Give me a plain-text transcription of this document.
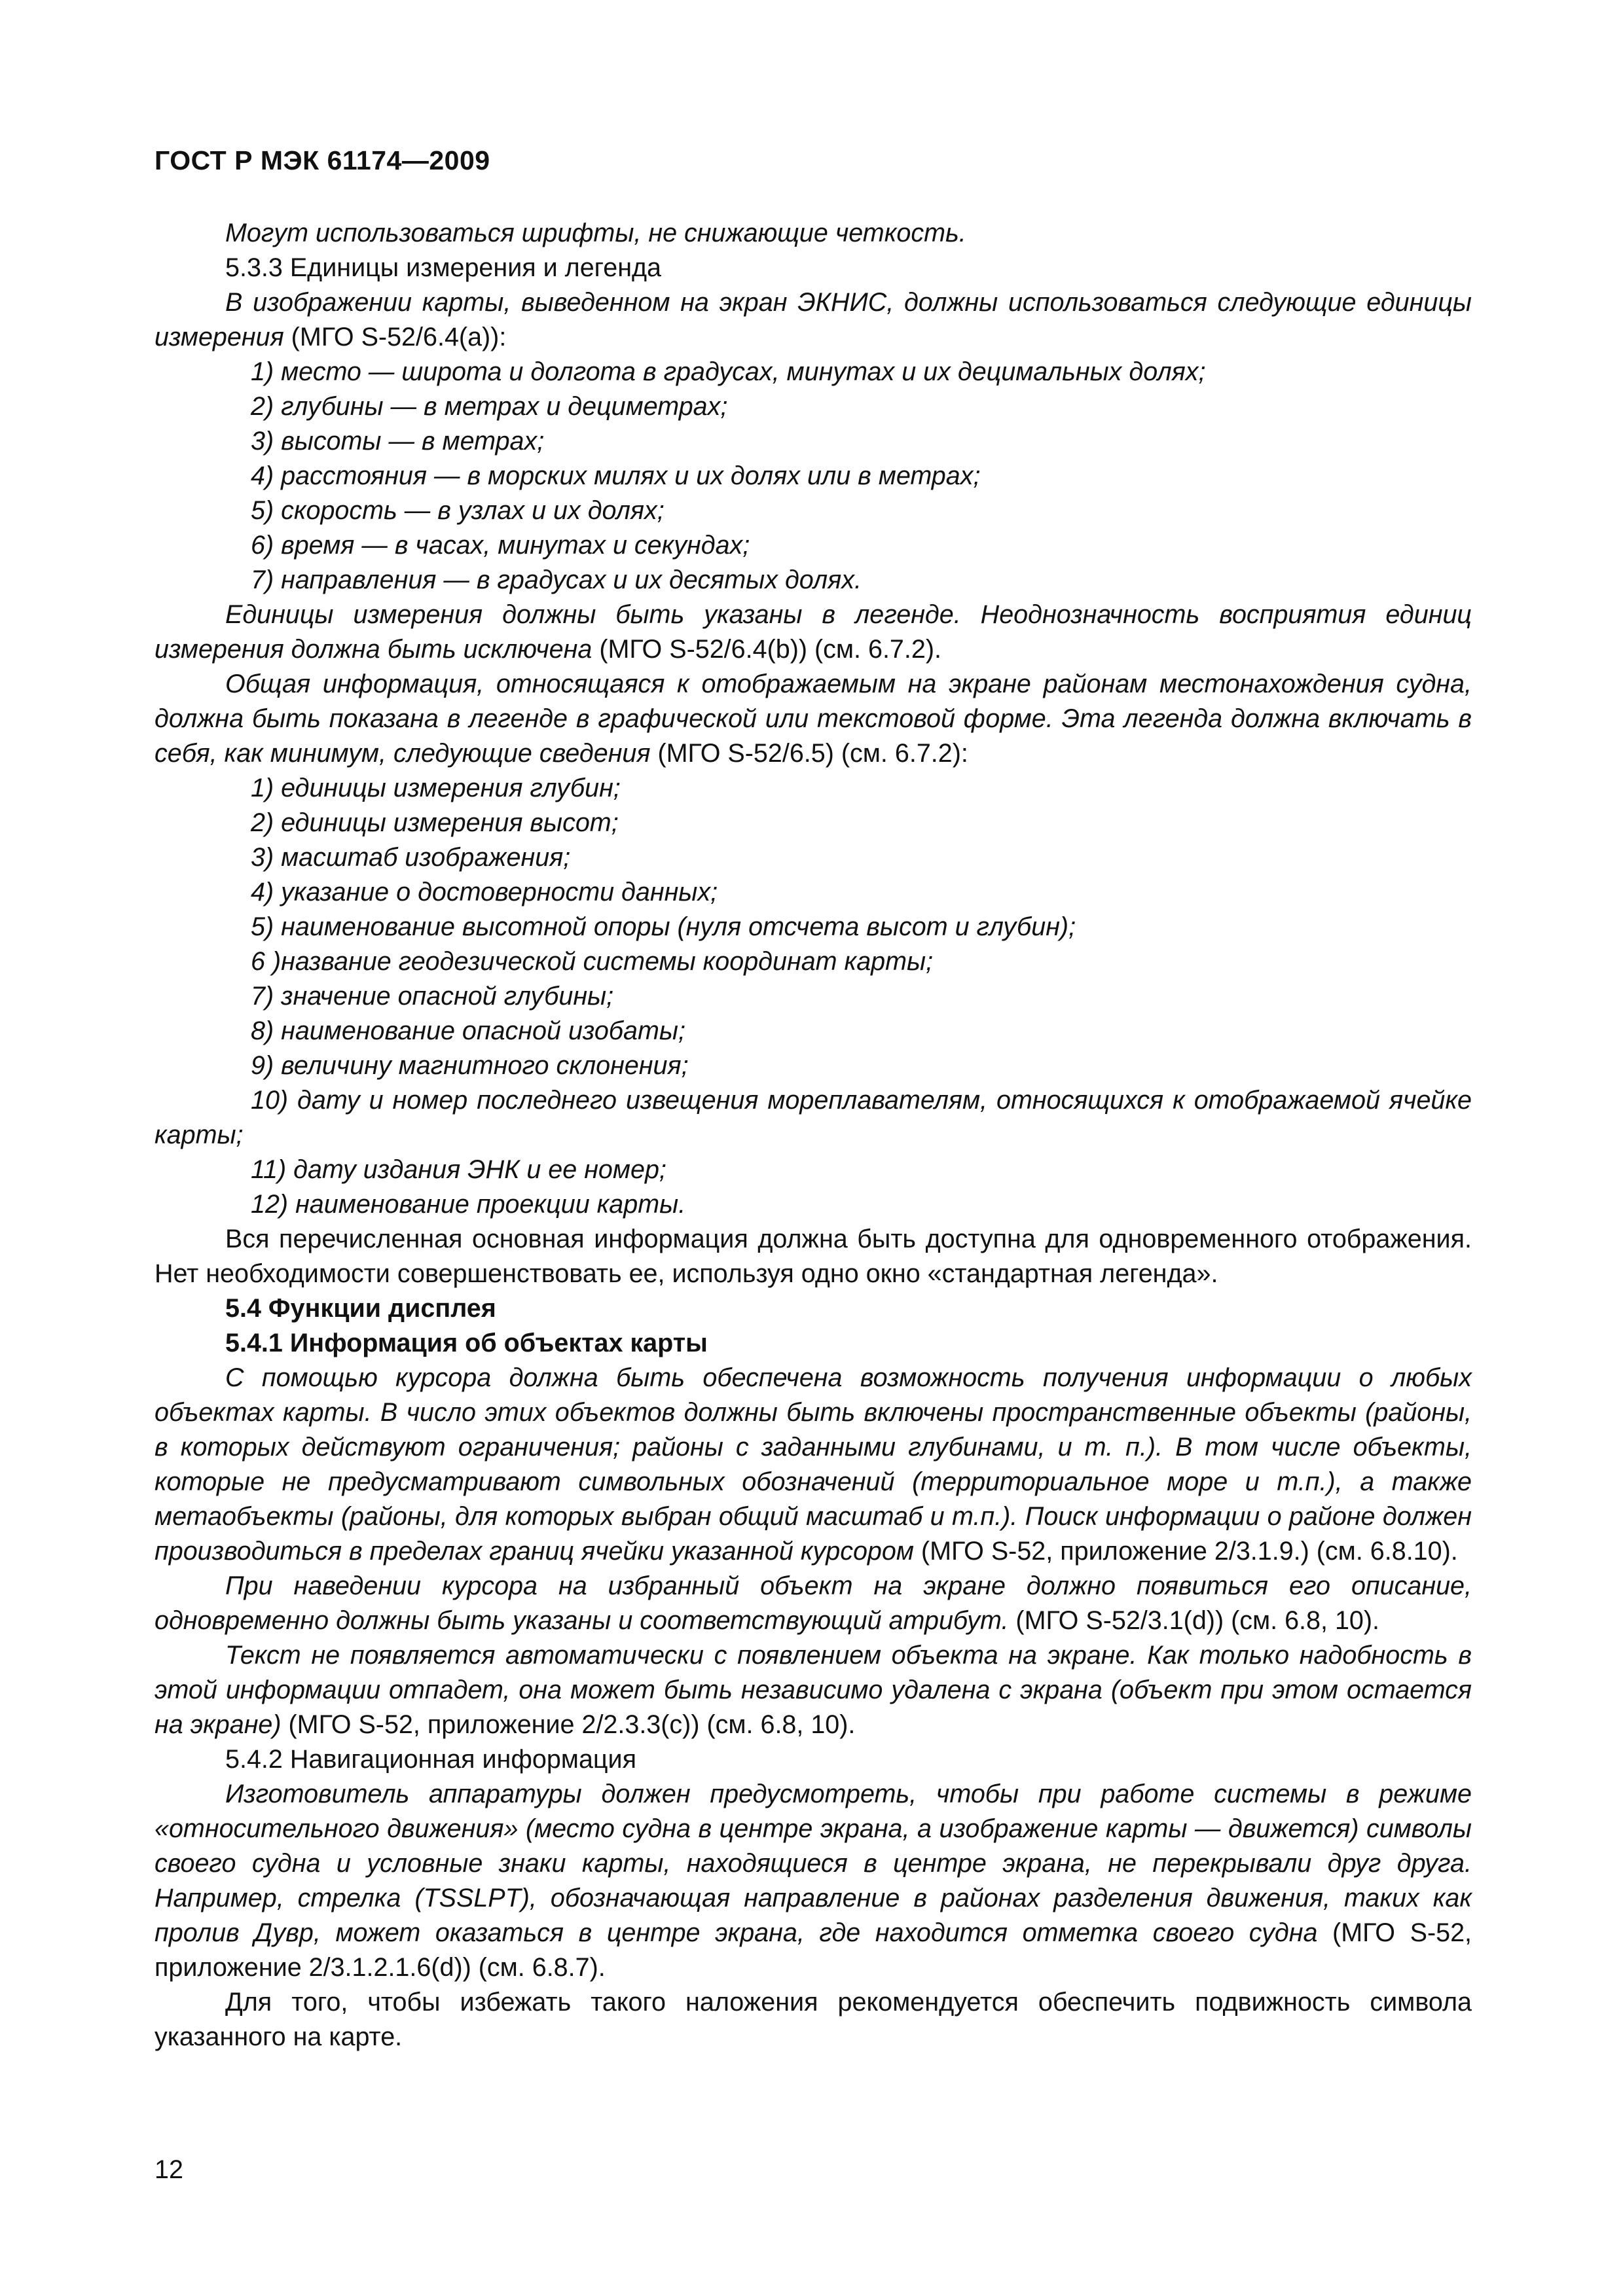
ГОСТ Р МЭК 61174—2009

Могут использоваться шрифты, не снижающие четкость.

5.3.3 Единицы измерения и легенда

В изображении карты, выведенном на экран ЭКНИС, должны использоваться следующие единицы измерения (МГО S-52/6.4(a)):

1) место — широта и долгота в градусах, минутах и их децимальных долях;

2) глубины — в метрах и дециметрах;

3) высоты — в метрах;

4) расстояния — в морских милях и их долях или в метрах;

5) скорость — в узлах и их долях;

6) время — в часах, минутах и секундах;

7) направления — в градусах и их десятых долях.

Единицы измерения должны быть указаны в легенде. Неоднозначность восприятия единиц измерения должна быть исключена (МГО S-52/6.4(b)) (см. 6.7.2).

Общая информация, относящаяся к отображаемым на экране районам местонахождения судна, должна быть показана в легенде в графической или текстовой форме. Эта легенда должна включать в себя, как минимум, следующие сведения (МГО S-52/6.5) (см. 6.7.2):

1) единицы измерения глубин;

2) единицы измерения высот;

3) масштаб изображения;

4) указание о достоверности данных;

5) наименование высотной опоры (нуля отсчета высот и глубин);

6 )название геодезической системы координат карты;

7) значение опасной глубины;

8) наименование опасной изобаты;

9) величину магнитного склонения;

10) дату и номер последнего извещения мореплавателям, относящихся к отображаемой ячейке карты;

11) дату издания ЭНК и ее номер;

12) наименование проекции карты.

Вся перечисленная основная информация должна быть доступна для одновременного отображения. Нет необходимости совершенствовать ее, используя одно окно «стандартная легенда».

5.4 Функции дисплея

5.4.1 Информация об объектах карты

С помощью курсора должна быть обеспечена возможность получения информации о любых объектах карты. В число этих объектов должны быть включены пространственные объекты (районы, в которых действуют ограничения; районы с заданными глубинами, и т. п.). В том числе объекты, которые не предусматривают символьных обозначений (территориальное море и т.п.), а также метаобъекты (районы, для которых выбран общий масштаб и т.п.). Поиск информации о районе должен производиться в пределах границ ячейки указанной курсором (МГО S-52, приложение 2/3.1.9.) (см. 6.8.10).

При наведении курсора на избранный объект на экране должно появиться его описание, одновременно должны быть указаны и соответствующий атрибут. (МГО S-52/3.1(d)) (см. 6.8, 10).

Текст не появляется автоматически с появлением объекта на экране. Как только надобность в этой информации отпадет, она может быть независимо удалена с экрана (объект при этом остается на экране) (МГО S-52, приложение 2/2.3.3(c)) (см. 6.8, 10).

5.4.2 Навигационная информация

Изготовитель аппаратуры должен предусмотреть, чтобы при работе системы в режиме «относительного движения» (место судна в центре экрана, а изображение карты — движется) символы своего судна и условные знаки карты, находящиеся в центре экрана, не перекрывали друг друга. Например, стрелка (TSSLPT), обозначающая направление в районах разделения движения, таких как пролив Дувр, может оказаться в центре экрана, где находится отметка своего судна (МГО S-52, приложение 2/3.1.2.1.6(d)) (см. 6.8.7).

Для того, чтобы избежать такого наложения рекомендуется обеспечить подвижность символа указанного на карте.

12
